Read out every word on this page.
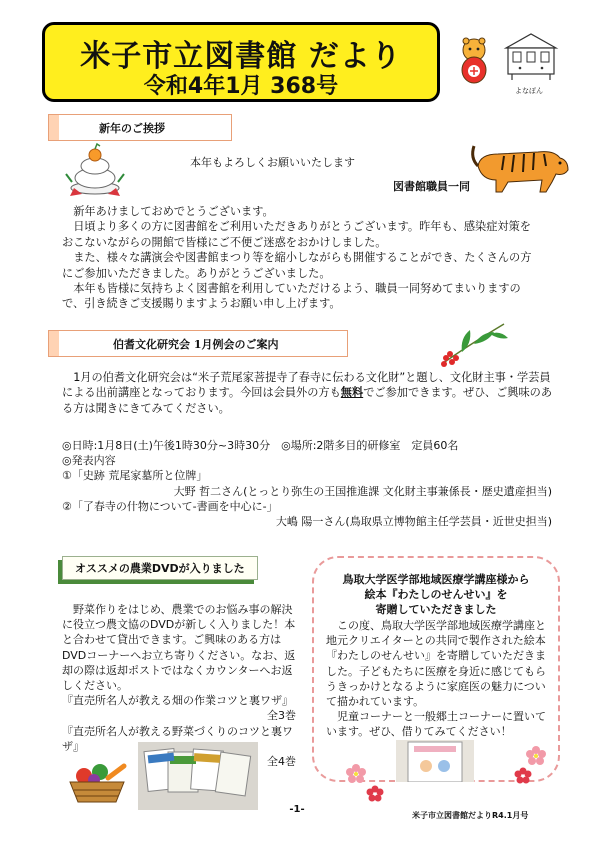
米子市立図書館 だより
令和4年1月 368号	よなぽん
新年のご挨拶
本年もよろしくお願いいたします
図書館職員一同

　新年あけましておめでとうございます。

　日頃より多くの方に図書館をご利用いただきありがとうございます。昨年も、感染症対策をおこないながらの開館で皆様にご不便ご迷惑をおかけしました。

　また、様々な講演会や図書館まつり等を縮小しながらも開催することができ、たくさんの方にご参加いただきました。ありがとうございました。

　本年も皆様に気持ちよく図書館を利用していただけるよう、職員一同努めてまいりますので、引き続きご支援賜りますようお願い申し上げます。

伯耆文化研究会 1月例会のご案内

　1月の伯耆文化研究会は“米子荒尾家菩提寺了春寺に伝わる文化財”と題し、文化財主事・学芸員による出前講座となっております。今回は会員外の方も無料でご参加できます。ぜひ、ご興味のある方は聞きにきてみてください。

◎日時:1月8日(土)午後1時30分~3時30分　◎場所:2階多目的研修室　定員60名
◎発表内容
①「史跡 荒尾家墓所と位牌」
大野 哲二さん(とっとり弥生の王国推進課 文化財主事兼係長・歴史遺産担当)
②「了春寺の什物について-書画を中心に-」
大嶋 陽一さん(鳥取県立博物館主任学芸員・近世史担当)
オススメの農業DVDが入りました

　野菜作りをはじめ、農業でのお悩み事の解決に役立つ農文協のDVDが新しく入りました！本と合わせて貸出できます。ご興味のある方はDVDコーナーへお立ち寄りください。なお、返却の際は返却ポストではなくカウンターへお返しください。

『直売所名人が教える畑の作業コツと裏ワザ』

全3巻

『直売所名人が教える野菜づくりのコツと裏ワザ』

全4巻

鳥取大学医学部地域医療学講座様から
絵本『わたしのせんせい』を
寄贈していただきました

　この度、鳥取大学医学部地域医療学講座と地元クリエイターとの共同で製作された絵本『わたしのせんせい』を寄贈していただきました。子どもたちに医療を身近に感じてもらうきっかけとなるように家庭医の魅力について描かれています。

　児童コーナーと一般郷土コーナーに置いています。ぜひ、借りてみてください！

-1-
米子市立図書館だよりR4.1月号
